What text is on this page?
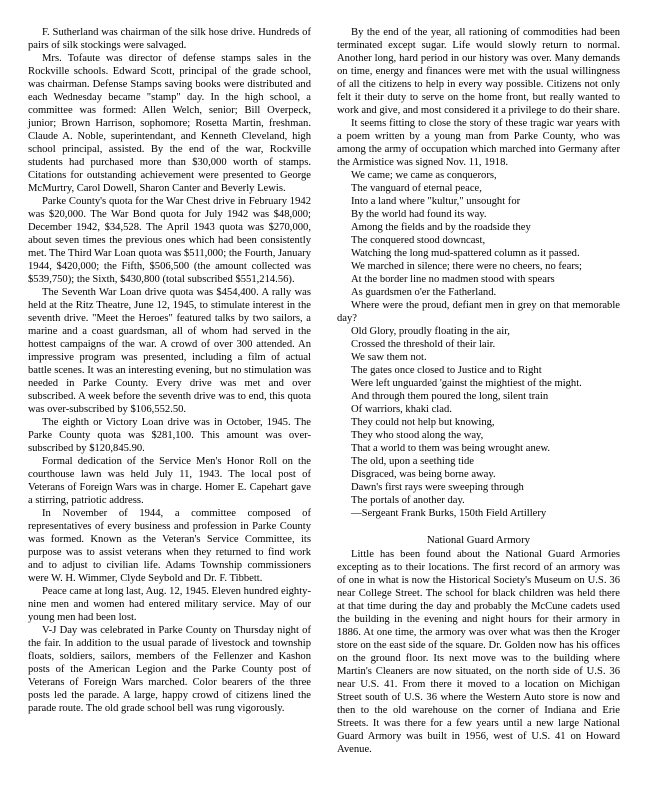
F. Sutherland was chairman of the silk hose drive. Hundreds of pairs of silk stockings were salvaged.

Mrs. Tofaute was director of defense stamps sales in the Rockville schools. Edward Scott, principal of the grade school, was chairman. Defense Stamps saving books were distributed and each Wednesday became "stamp" day. In the high school, a committee was formed: Allen Welch, senior; Bill Overpeck, junior; Brown Harrison, sophomore; Rosetta Martin, freshman. Claude A. Noble, superintendant, and Kenneth Cleveland, high school principal, assisted. By the end of the war, Rockville students had purchased more than $30,000 worth of stamps. Citations for outstanding achievement were presented to George McMurtry, Carol Dowell, Sharon Canter and Beverly Lewis.

Parke County's quota for the War Chest drive in February 1942 was $20,000. The War Bond quota for July 1942 was $48,000; December 1942, $34,528. The April 1943 quota was $270,000, about seven times the previous ones which had been consistently met. The Third War Loan quota was $511,000; the Fourth, January 1944, $420,000; the Fifth, $506,500 (the amount collected was $539,750); the Sixth, $430,800 (total subscribed $551,214.56).

The Seventh War Loan drive quota was $454,400. A rally was held at the Ritz Theatre, June 12, 1945, to stimulate interest in the seventh drive. "Meet the Heroes" featured talks by two sailors, a marine and a coast guardsman, all of whom had served in the hottest campaigns of the war. A crowd of over 300 attended. An impressive program was presented, including a film of actual battle scenes. It was an interesting evening, but no stimulation was needed in Parke County. Every drive was met and over subscribed. A week before the seventh drive was to end, this quota was over-subscribed by $106,552.50.

The eighth or Victory Loan drive was in October, 1945. The Parke County quota was $281,100. This amount was over-subscribed by $120,845.90.

Formal dedication of the Service Men's Honor Roll on the courthouse lawn was held July 11, 1943. The local post of Veterans of Foreign Wars was in charge. Homer E. Capehart gave a stirring, patriotic address.

In November of 1944, a committee composed of representatives of every business and profession in Parke County was formed. Known as the Veteran's Service Committee, its purpose was to assist veterans when they returned to find work and to adjust to civilian life. Adams Township commissioners were W. H. Wimmer, Clyde Seybold and Dr. F. Tibbett.

Peace came at long last, Aug. 12, 1945. Eleven hundred eighty-nine men and women had entered military service. May of our young men had been lost.

V-J Day was celebrated in Parke County on Thursday night of the fair. In addition to the usual parade of livestock and township floats, soldiers, sailors, members of the Fellenzer and Kashon posts of the American Legion and the Parke County post of Veterans of Foreign Wars marched. Color bearers of the three posts led the parade. A large, happy crowd of citizens lined the parade route. The old grade school bell was rung vigorously.

By the end of the year, all rationing of commodities had been terminated except sugar. Life would slowly return to normal. Another long, hard period in our history was over. Many demands on time, energy and finances were met with the usual willingness of all the citizens to help in every way possible. Citizens not only felt it their duty to serve on the home front, but really wanted to work and give, and most considered it a privilege to do their share.

It seems fitting to close the story of these tragic war years with a poem written by a young man from Parke County, who was among the army of occupation which marched into Germany after the Armistice was signed Nov. 11, 1918.

We came; we came as conquerors,

The vanguard of eternal peace,

Into a land where "kultur," unsought for

By the world had found its way.

Among the fields and by the roadside they

The conquered stood downcast,

Watching the long mud-spattered column as it passed.

We marched in silence; there were no cheers, no fears;

At the border line no madmen stood with spears

As guardsmen o'er the Fatherland.

Where were the proud, defiant men in grey on that memorable day?

Old Glory, proudly floating in the air,

Crossed the threshold of their lair.

We saw them not.

The gates once closed to Justice and to Right

Were left unguarded 'gainst the mightiest of the might.

And through them poured the long, silent train

Of warriors, khaki clad.

They could not help but knowing,

They who stood along the way,

That a world to them was being wrought anew.

The old, upon a seething tide

Disgraced, was being borne away.

Dawn's first rays were sweeping through

The portals of another day.

—Sergeant Frank Burks, 150th Field Artillery

National Guard Armory

Little has been found about the National Guard Armories excepting as to their locations. The first record of an armory was of one in what is now the Historical Society's Museum on U.S. 36 near College Street. The school for black children was held there at that time during the day and probably the McCune cadets used the building in the evening and night hours for their armory in 1886. At one time, the armory was over what was then the Kroger store on the east side of the square. Dr. Golden now has his offices on the ground floor. Its next move was to the building where Martin's Cleaners are now situated, on the north side of U.S. 36 near U.S. 41. From there it moved to a location on Michigan Street south of U.S. 36 where the Western Auto store is now and then to the old warehouse on the corner of Indiana and Erie Streets. It was there for a few years until a new large National Guard Armory was built in 1956, west of U.S. 41 on Howard Avenue.
